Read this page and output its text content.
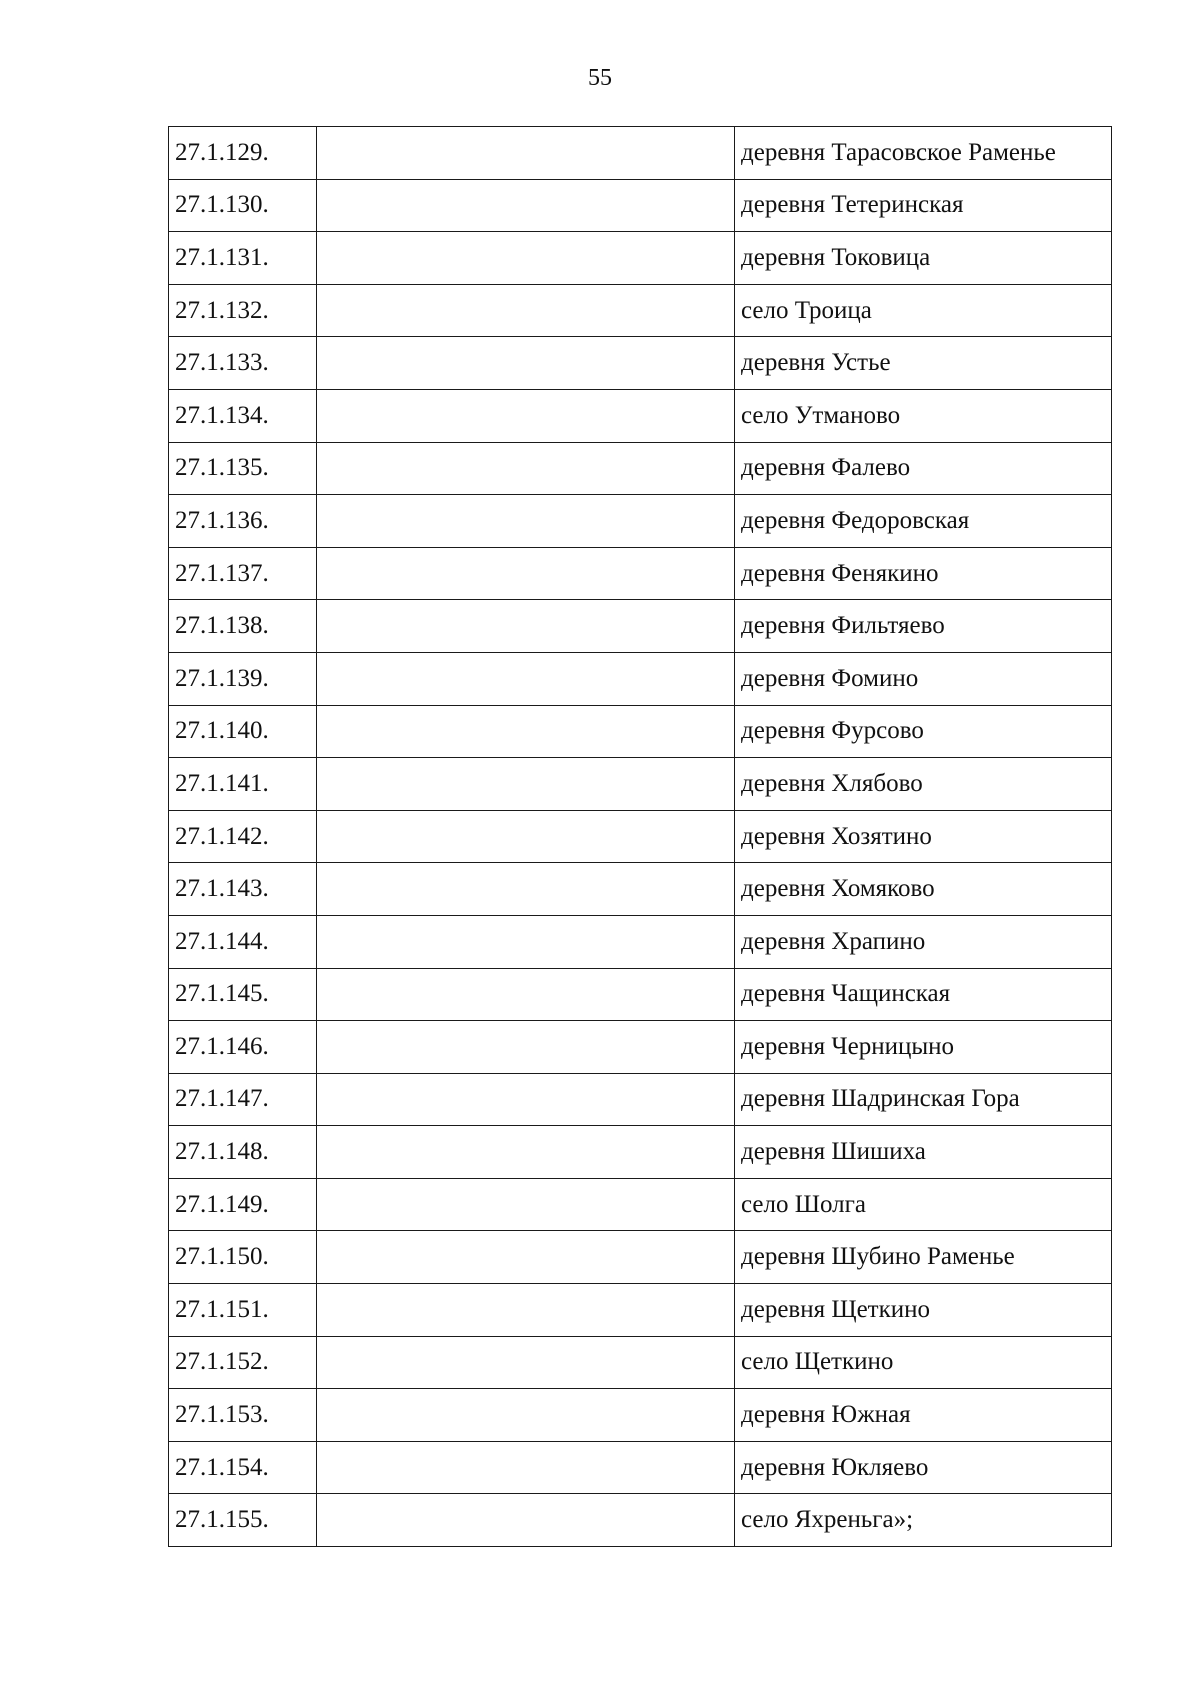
55
27.1.129.		деревня Тарасовское Раменье
27.1.130.		деревня Тетеринская
27.1.131.		деревня Токовица
27.1.132.		село Троица
27.1.133.		деревня Устье
27.1.134.		село Утманово
27.1.135.		деревня Фалево
27.1.136.		деревня Федоровская
27.1.137.		деревня Фенякино
27.1.138.		деревня Фильтяево
27.1.139.		деревня Фомино
27.1.140.		деревня Фурсово
27.1.141.		деревня Хлябово
27.1.142.		деревня Хозятино
27.1.143.		деревня Хомяково
27.1.144.		деревня Храпино
27.1.145.		деревня Чащинская
27.1.146.		деревня Черницыно
27.1.147.		деревня Шадринская Гора
27.1.148.		деревня Шишиха
27.1.149.		село Шолга
27.1.150.		деревня Шубино Раменье
27.1.151.		деревня Щеткино
27.1.152.		село Щеткино
27.1.153.		деревня Южная
27.1.154.		деревня Юкляево
27.1.155.		село Яхреньга»;
